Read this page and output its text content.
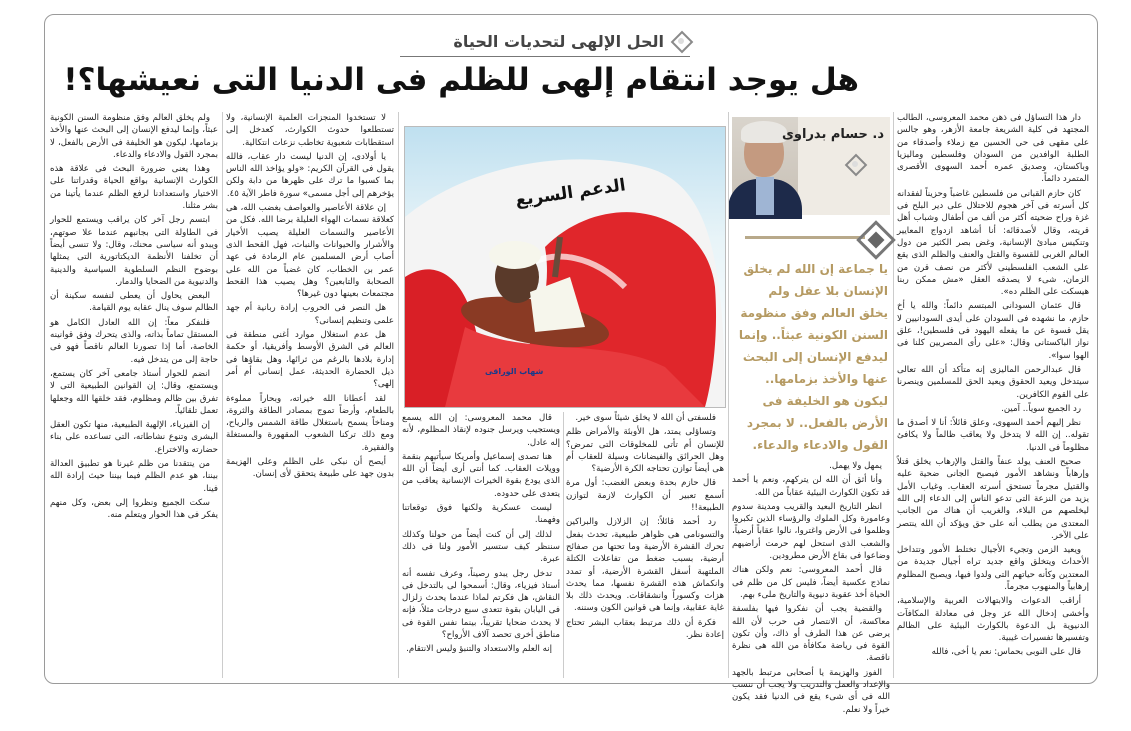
الحل الإلهى لتحديات الحياة
هل يوجد انتقام إلهى للظلم فى الدنيا التى نعيشها؟!

دار هذا التساؤل فى ذهن محمد المعروسى، الطالب المجتهد فى كلية الشريعة جامعة الأزهر، وهو جالس على مقهى فى حى الحسين مع زملاء وأصدقاء من الطلبة الوافدين من السودان وفلسطين وماليزيا وباكستان، وصديق عمره أحمد السهوى الأقصرى المتمرد دائماً.

كان حازم القبانى من فلسطين غاضباً وحزيناً لفقدانه كل أسرته فى آخر هجوم للاحتلال على دير البلح فى غزة وراح ضحيته أكثر من ألف من أطفال وشباب أهل قريته، وقال لأصدقائه: أنا أشاهد ازدواج المعايير وتنكيس مبادئ الإنسانية، وغض بصر الكثير من دول العالم الغربى للقسوة والقتل والعنف والظلم الذى يقع على الشعب الفلسطينى لأكثر من نصف قرن من الزمان، شىء لا يصدقه العقل «مش ممكن ربنا هيسكت على الظلم ده».

قال عثمان السودانى المبتسم دائماً: والله يا أخ حازم، ما نشهده فى السودان على أيدى السودانيين لا يقل قسوة عن ما يفعله اليهود فى فلسطين!، علق نواز الباكستانى وقال: «على رأى المصريين كلنا فى الهوا سوا».

قال عبدالرحمن الماليزى إنه متأكد أن الله تعالى سيتدخل ويعيد الحقوق ويعيد الحق للمسلمين وينصرنا على القوم الكافرين.

رد الجميع سوياً.. آمين.

نظر إليهم أحمد السهوى، وعلق قائلاً: أنا لا أصدق ما تقوله.. إن الله لا يتدخل ولا يعاقب ظالماً ولا يكافئ مظلوماً فى الدنيا.

صحيح العنف يولد عنفاً والقتل والإرهاب يخلق قتلاً وإرهاباً ونشاهد الأمور فيصبح الجانى ضحية عليه والقتيل مجرماً تستحق أسرته العقاب. وغياب الأمل يزيد من النزعة التى تدعو الناس إلى الدعاء إلى الله ليخلصهم من البلاء، والغريب أن هناك من الجانب المعتدى من يطلب أنه على حق ويؤكد أن الله ينتصر على الآخر.

ويعيد الزمن وتجيء الأجيال تختلط الأمور وتتداخل الأحداث ويتخلق واقع جديد تراه أجيال جديدة من المعتدين وكأنه حياتهم التى ولدوا فيها، ويصبح المظلوم إرهابياً والمنهوب مجرماً.

أراقب الدعوات والابتهالات العربية والإسلامية، وأخشى إدخال الله عز وجل فى معادلة المكافآت الدنيوية بل الدعوة بالكوارث البيئية على الظالم وتفسيرها تفسيرات غيبية.

قال على النوبى بحماس: نعم يا أخى، فالله

د. حسام بدراوى
يا جماعة إن الله لم يخلق الإنسان بلا عقل ولم يخلق العالم وفق منظومة السنن الكونية عبثاً.. وإنما ليدفع الإنسان إلى البحث عنها والأخذ بزمامها.. ليكون هو الخليفة فى الأرض بالفعل.. لا بمجرد القول والادعاء والدعاء.

يمهل ولا يهمل.

وأنا أثق أن الله لن يتركهم، ونعم يا أحمد قد تكون الكوارث البيئية عقاباً من الله.

انظر التاريخ البعيد والقريب ومدينة سدوم وعامورة وكل الملوك والرؤساء الذين تكبروا وظلموا فى الأرض واغتروا، نالوا عقاباً أرضياً، والشعب الذى استحل لهم حرمت أراضيهم وضاعوا فى بقاع الأرض مطرودين.

قال أحمد المعروسى: نعم ولكن هناك نماذج عكسية أيضاً، فليس كل من ظلم فى الحياة أخذ عقوبة دنيوية والتاريخ ملىء بهم.

والقضية يجب أن نفكروا فيها بفلسفة معاكسة، أن الانتصار فى حرب لأن الله يرضى عن هذا الطرف أو ذاك، وأن تكون القوة فى رياضة مكافأة من الله هى نظرة ناقصة.

الفوز والهزيمة يا أصحابى مرتبط بالجهد والإعداد والعمل والتدريب ولا يجب أن ننسب الله فى أى شىء يقع فى الدنيا فقد يكون خيراً ولا نعلم.

الدعم السريع
شهاب الوراقى

فلسفتى أن الله لا يخلق شيئاً سوى خير.

وتساؤلى يمتد، هل الأوبئة والأمراض ظلم للإنسان أم تأتى للمخلوقات التى تمرض؟ وهل الحرائق والفيضانات وسيلة للعقاب أم هى أيضاً توازن تحتاجه الكرة الأرضية؟

قال حازم بحدة وبعض الغضب: أول مرة أسمع تعبير أن الكوارث لازمة لتوازن الطبيعة!!

رد أحمد قائلاً: إن الزلازل والبراكين والتسونامى هى ظواهر طبيعية، تحدث بفعل تحرك القشرة الأرضية وما تحتها من صفائح أرضية، بسبب ضغط من تفاعلات الكتلة الملتهبة أسفل القشرة الأرضية، أو تمدد وانكماش هذه القشرة نفسها، مما يحدث هزات وكسوراً وانشقاقات. ويحدث ذلك بلا غاية عقابية، وإنما هى قوانين الكون وسننه.

فكرة أن ذلك مرتبط بعقاب البشر تحتاج إعادة نظر.

قال محمد المعروسى: إن الله يسمع ويستجيب ويرسل جنوده لإنقاذ المظلوم، لأنه إله عادل.

هنا تصدى إسماعيل وأمريكا سيأتيهم بنقمة وويلات العقاب. كما أنتى أرى أيضاً أن الله الذى يودع بقوة الخيرات الإنسانية يعاقب من يتعدى على حدوده.

ليست عسكرية ولكنها فوق توقعاتنا وفهمنا.

لذلك إلى أن كنت أيضاً من حولنا وكذلك سننظر كيف ستسير الأمور ولنا فى ذلك عبرة.

تدخل رجل يبدو رصيناً، وعرف نفسه أنه أستاذ فيزياء، وقال: أسمحوا لى بالتدخل فى النقاش، هل فكرتم لماذا عندما يحدث زلزال فى اليابان بقوة تتعدى سبع درجات مثلاً، فإنه لا يحدث ضحايا تقريباً، بينما نفس القوة فى مناطق أخرى تحصد آلاف الأرواح؟

إنه العلم والاستعداد والتنبؤ وليس الانتقام.

لا تستخدوا المنجزات العلمية الإنسانية، ولا تستطلعوا حدوث الكوارث، كعدخل إلى استقطابات شعبوية تخاطب نزعات انتكالية.

يا أولادى، إن الدنيا ليست دار عقاب، فالله يقول فى القرآن الكريم: «ولو يؤاخذ الله الناس بما كسبوا ما ترك على ظهرها من دابة ولكن يؤخرهم إلى أجل مسمى» سورة فاطر الآية ٤٥.

إن علاقة الأعاصير والعواصف بغضب الله، هى كعلاقة نسمات الهواء العليلة برضا الله. فكل من الأعاصير والنسمات العليلة يصيب الأخيار والأشرار والحيوانات والنبات، فهل القحط الذى أصاب أرض المسلمين عام الرمادة فى عهد عمر بن الخطاب، كان غضباً من الله على الصحابة والتابعين؟ وهل يصيب هذا القحط مجتمعات بعينها دون غيرها؟

هل النصر فى الحروب إرادة ربانية أم جهد علمى وتنظيم إنسانى؟

هل عدم استغلال موارد أغنى منطقة فى العالم فى الشرق الأوسط وأفريقيا، أو حكمة إدارة بلادها بالرغم من ثرائها، وهل بقاؤها فى ذيل الحضارة الحديثة، عمل إنسانى أم أمر إلهى؟

لقد أعطانا الله خيراته، وبحاراً مملوءة بالطعام، وأرضاً تموج بمصادر الطاقة والثروة، ومناخاً يسمح باستغلال طاقة الشمس والرياح، ومع ذلك تركنا الشعوب المقهورة والمستغلة والفقيرة.

أيصح أن نبكى على الظلم وعلى الهزيمة بدون جهد على طبيعة يتحقق لأى إنسان.

ولم يخلق العالم وفق منظومة السنن الكونية عبثاً، وإنما ليدفع الإنسان إلى البحث عنها والأخذ بزمامها، ليكون هو الخليفة فى الأرض بالفعل، لا بمجرد القول والادعاء والدعاء.

وهذا يعنى ضرورة البحث فى علاقة هذه الكوارث الإنسانية بواقع الحياة وقدراتنا على الاختيار واستعدادنا لرفع الظلم عندما يأتينا من بشر مثلنا.

ابتسم رجل آخر كان يراقب ويستمع للحوار فى الطاولة التى بجانبهم عندما علا صوتهم، ويبدو أنه سياسى محنك، وقال: ولا تنسى أيضاً أن تخلفنا الأنظمة الديكتاتورية التى يمثلها بوضوح النظم السلطوية السياسية والدينية والدنيوية من الضحايا والدمار.

البعض يحاول أن يعطى لنفسه سكينة أن الظالم سوف ينال عقابه يوم القيامة.

فلنفكر معاً: إن الله العادل الكامل هو المستقل تماماً بذاته، والذى يتحرك وفق قوانينه الخاصة، أما إذا تصورنا العالم ناقصاً فهو فى حاجة إلى من يتدخل فيه.

انضم للحوار أستاذ جامعى آخر كان يستمع، ويستمتع، وقال: إن القوانين الطبيعية التى لا تفرق بين ظالم ومظلوم، فقد خلقها الله وجعلها تعمل تلقائياً.

إن الفيزياء، الإلهية الطبيعية، منها تكون العقل البشرى وتنوع نشاطاته، التى تساعده على بناء حضارته والاختراع.

من ينتقدنا من ظلم غيرنا هو تطبيق العدالة بيننا، هو عدم الظلم فيما بيننا حيث إرادة الله فينا.

سكت الجميع ونظروا إلى بعض، وكل منهم يفكر فى هذا الحوار ويتعلم منه.
